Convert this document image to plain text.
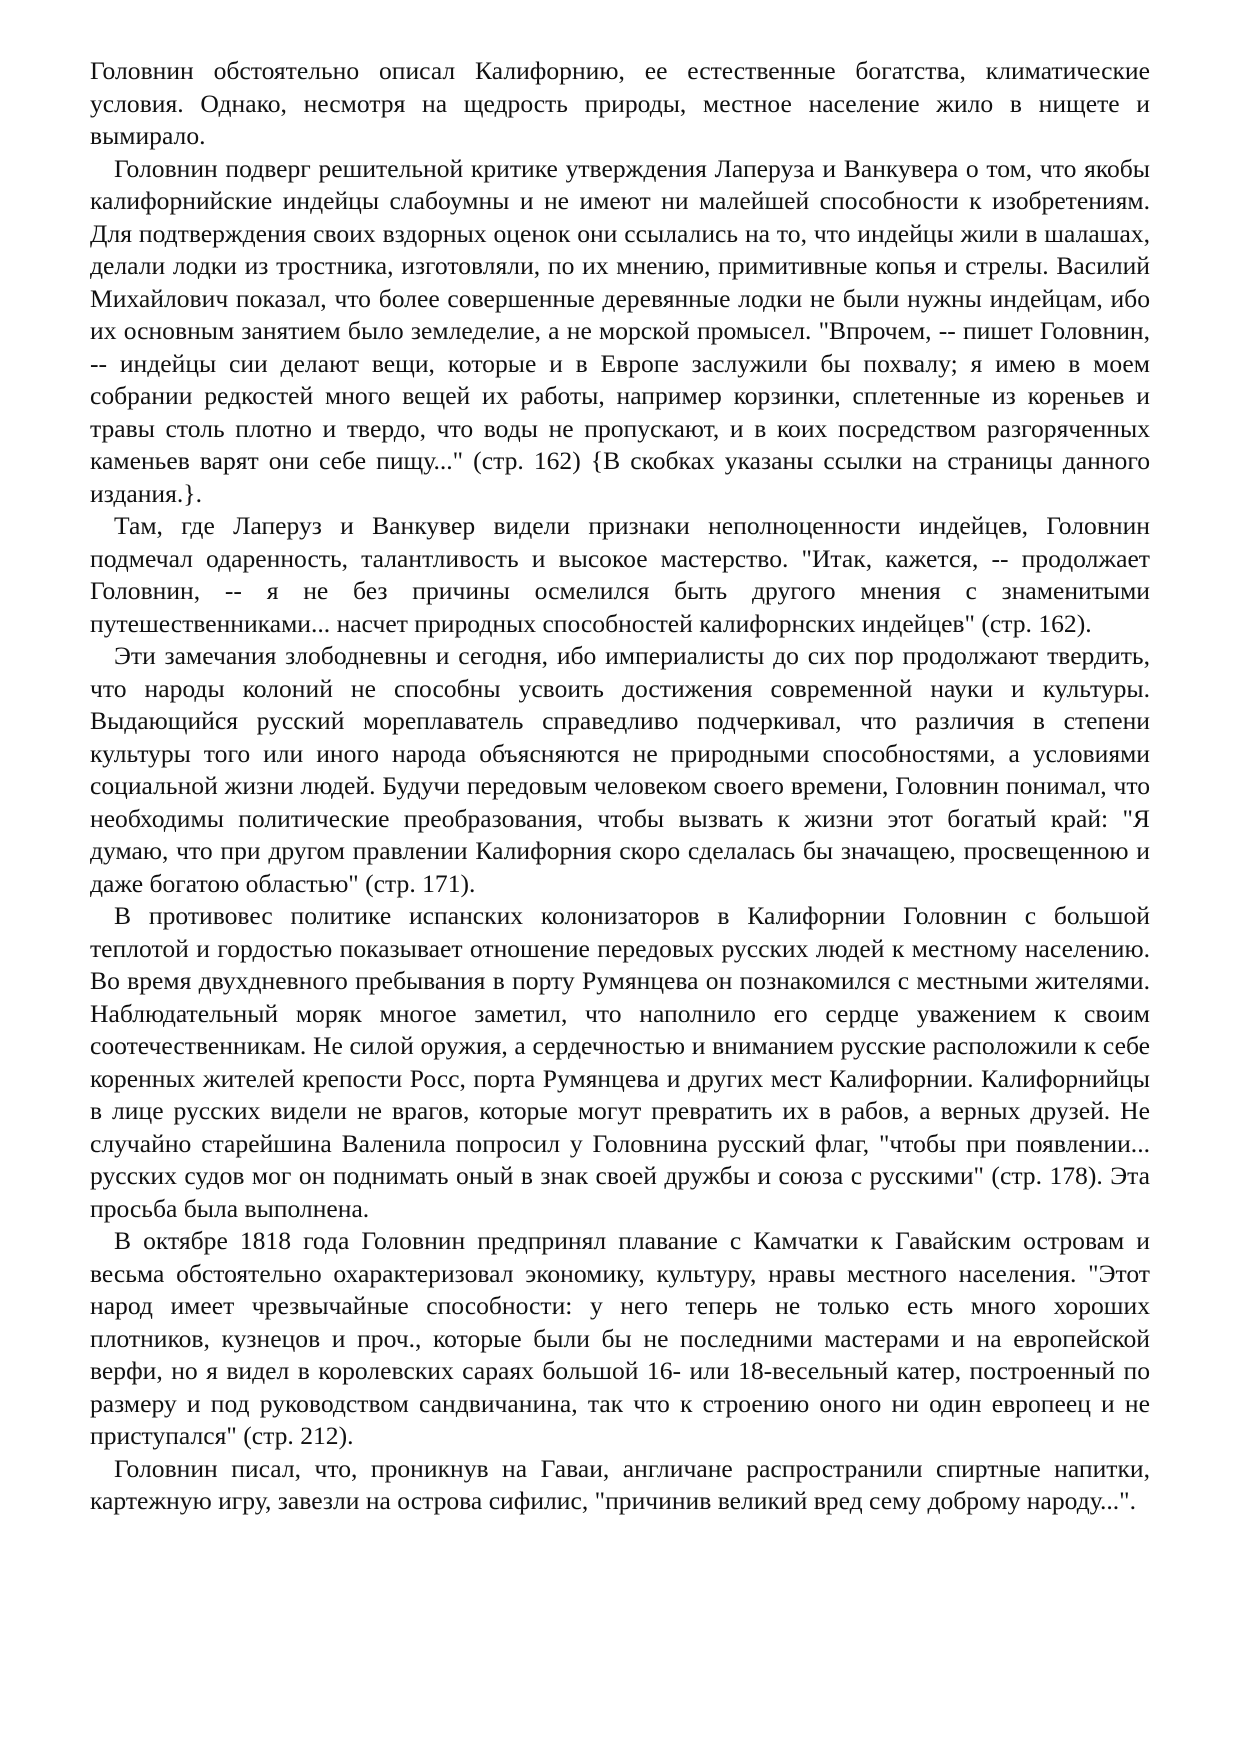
Головнин обстоятельно описал Калифорнию, ее естественные богатства, климатические условия. Однако, несмотря на щедрость природы, местное население жило в нищете и вымирало.

Головнин подверг решительной критике утверждения Лаперуза и Ванкувера о том, что якобы калифорнийские индейцы слабоумны и не имеют ни малейшей способности к изобретениям. Для подтверждения своих вздорных оценок они ссылались на то, что индейцы жили в шалашах, делали лодки из тростника, изготовляли, по их мнению, примитивные копья и стрелы. Василий Михайлович показал, что более совершенные деревянные лодки не были нужны индейцам, ибо их основным занятием было земледелие, а не морской промысел. "Впрочем, -- пишет Головнин, -- индейцы сии делают вещи, которые и в Европе заслужили бы похвалу; я имею в моем собрании редкостей много вещей их работы, например корзинки, сплетенные из кореньев и травы столь плотно и твердо, что воды не пропускают, и в коих посредством разгоряченных каменьев варят они себе пищу..." (стр. 162) {В скобках указаны ссылки на страницы данного издания.}.

Там, где Лаперуз и Ванкувер видели признаки неполноценности индейцев, Головнин подмечал одаренность, талантливость и высокое мастерство. "Итак, кажется, -- продолжает Головнин, -- я не без причины осмелился быть другого мнения с знаменитыми путешественниками... насчет природных способностей калифорнских индейцев" (стр. 162).

Эти замечания злободневны и сегодня, ибо империалисты до сих пор продолжают твердить, что народы колоний не способны усвоить достижения современной науки и культуры. Выдающийся русский мореплаватель справедливо подчеркивал, что различия в степени культуры того или иного народа объясняются не природными способностями, а условиями социальной жизни людей. Будучи передовым человеком своего времени, Головнин понимал, что необходимы политические преобразования, чтобы вызвать к жизни этот богатый край: "Я думаю, что при другом правлении Калифорния скоро сделалась бы значащею, просвещенною и даже богатою областью" (стр. 171).

В противовес политике испанских колонизаторов в Калифорнии Головнин с большой теплотой и гордостью показывает отношение передовых русских людей к местному населению. Во время двухдневного пребывания в порту Румянцева он познакомился с местными жителями. Наблюдательный моряк многое заметил, что наполнило его сердце уважением к своим соотечественникам. Не силой оружия, а сердечностью и вниманием русские расположили к себе коренных жителей крепости Росс, порта Румянцева и других мест Калифорнии. Калифорнийцы в лице русских видели не врагов, которые могут превратить их в рабов, а верных друзей. Не случайно старейшина Валенила попросил у Головнина русский флаг, "чтобы при появлении... русских судов мог он поднимать оный в знак своей дружбы и союза с русскими" (стр. 178). Эта просьба была выполнена.

В октябре 1818 года Головнин предпринял плавание с Камчатки к Гавайским островам и весьма обстоятельно охарактеризовал экономику, культуру, нравы местного населения. "Этот народ имеет чрезвычайные способности: у него теперь не только есть много хороших плотников, кузнецов и проч., которые были бы не последними мастерами и на европейской верфи, но я видел в королевских сараях большой 16- или 18-весельный катер, построенный по размеру и под руководством сандвичанина, так что к строению оного ни один европеец и не приступался" (стр. 212).

Головнин писал, что, проникнув на Гаваи, англичане распространили спиртные напитки, картежную игру, завезли на острова сифилис, "причинив великий вред сему доброму народу...".
